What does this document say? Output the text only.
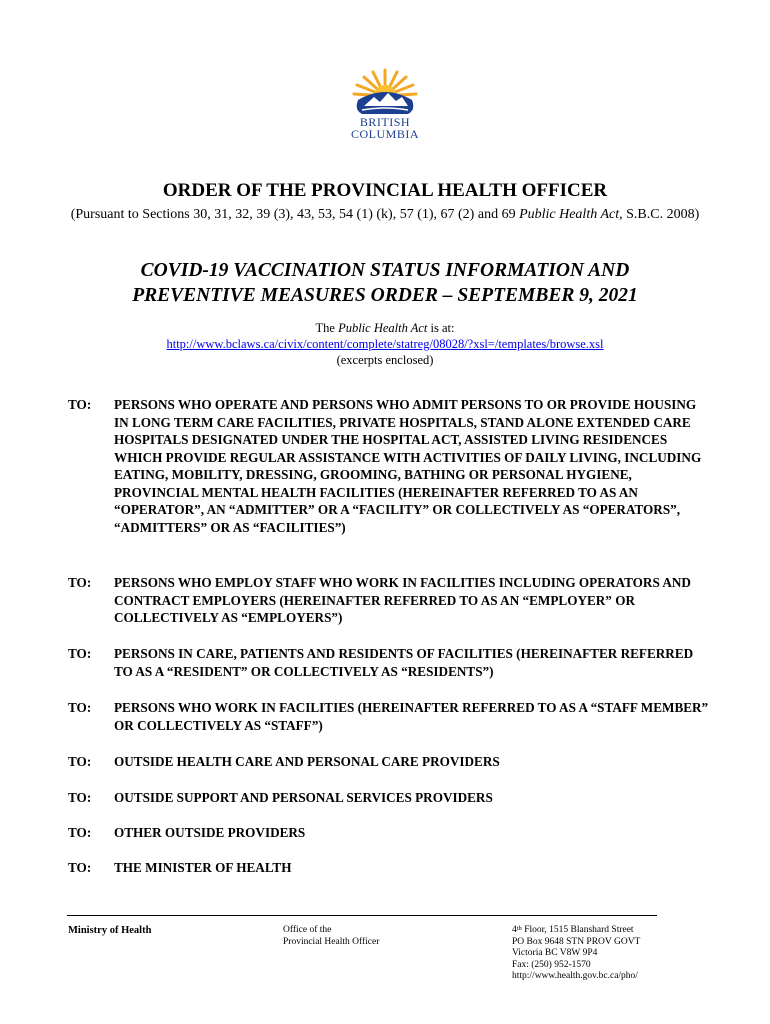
BRITISH
COLUMBIA
ORDER OF THE PROVINCIAL HEALTH OFFICER
(Pursuant to Sections 30, 31, 32, 39 (3), 43, 53, 54 (1) (k), 57 (1), 67 (2) and 69 Public Health Act, S.B.C. 2008)
COVID-19 VACCINATION STATUS INFORMATION AND
PREVENTIVE MEASURES ORDER – SEPTEMBER 9, 2021
The Public Health Act is at:
http://www.bclaws.ca/civix/content/complete/statreg/08028/?xsl=/templates/browse.xsl
(excerpts enclosed)
TO: PERSONS WHO OPERATE AND PERSONS WHO ADMIT PERSONS TO OR PROVIDE HOUSING IN LONG TERM CARE FACILITIES, PRIVATE HOSPITALS, STAND ALONE EXTENDED CARE HOSPITALS DESIGNATED UNDER THE HOSPITAL ACT, ASSISTED LIVING RESIDENCES WHICH PROVIDE REGULAR ASSISTANCE WITH ACTIVITIES OF DAILY LIVING, INCLUDING EATING, MOBILITY, DRESSING, GROOMING, BATHING OR PERSONAL HYGIENE, PROVINCIAL MENTAL HEALTH FACILITIES (HEREINAFTER REFERRED TO AS AN “OPERATOR”, AN “ADMITTER” OR A “FACILITY” OR COLLECTIVELY AS “OPERATORS”, “ADMITTERS” OR AS “FACILITIES”)
TO: PERSONS WHO EMPLOY STAFF WHO WORK IN FACILITIES INCLUDING OPERATORS AND CONTRACT EMPLOYERS (HEREINAFTER REFERRED TO AS AN “EMPLOYER” OR COLLECTIVELY AS “EMPLOYERS”)
TO: PERSONS IN CARE, PATIENTS AND RESIDENTS OF FACILITIES (HEREINAFTER REFERRED TO AS A “RESIDENT” OR COLLECTIVELY AS “RESIDENTS”)
TO: PERSONS WHO WORK IN FACILITIES (HEREINAFTER REFERRED TO AS A “STAFF MEMBER” OR COLLECTIVELY AS “STAFF”)
TO: OUTSIDE HEALTH CARE AND PERSONAL CARE PROVIDERS
TO: OUTSIDE SUPPORT AND PERSONAL SERVICES PROVIDERS
TO: OTHER OUTSIDE PROVIDERS
TO: THE MINISTER OF HEALTH
Ministry of Health	Office of the
Provincial Health Officer
4th Floor, 1515 Blanshard Street
PO Box 9648 STN PROV GOVT
Victoria BC V8W 9P4
Fax: (250) 952-1570
http://www.health.gov.bc.ca/pho/
